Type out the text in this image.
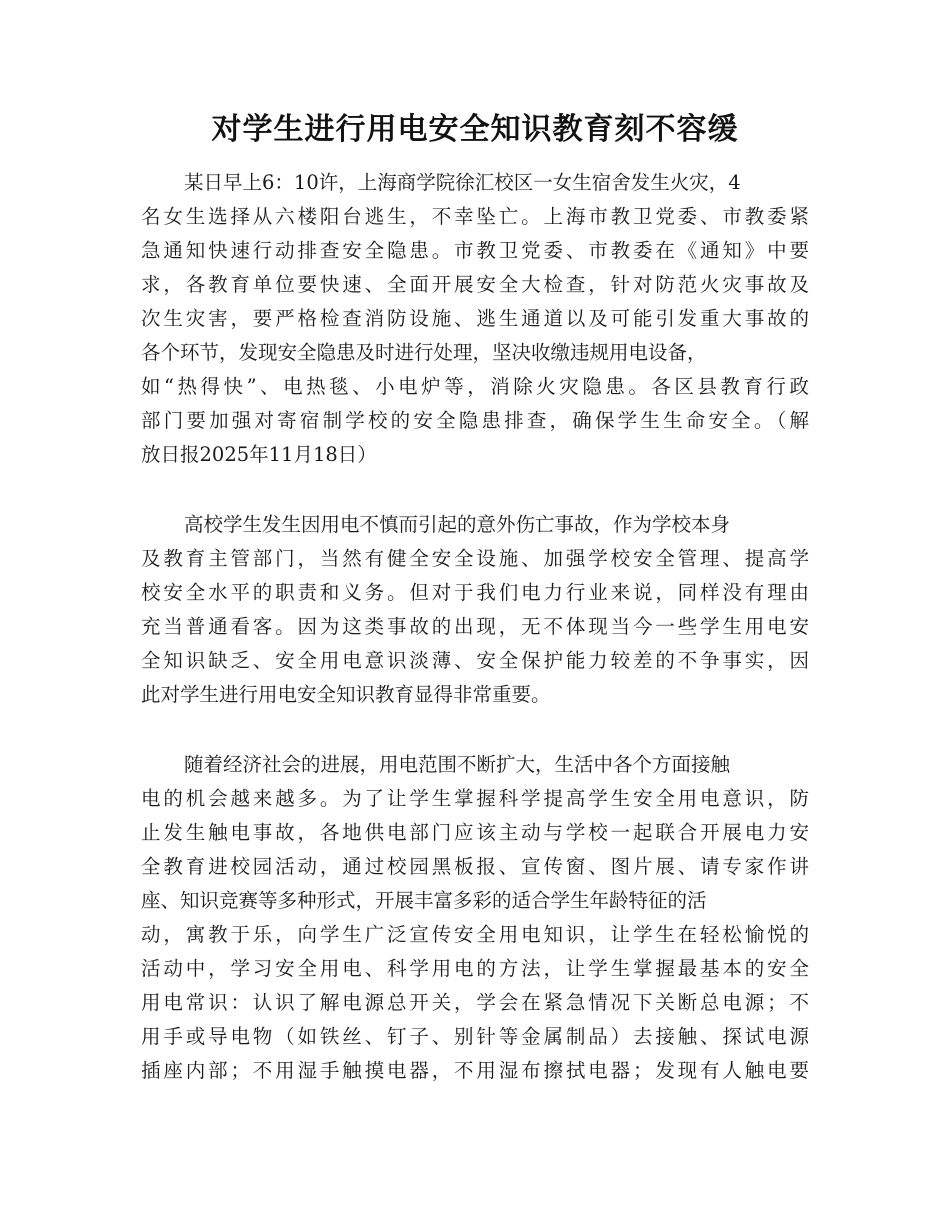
对学生进行用电安全知识教育刻不容缓
某日早上6：10许，上海商学院徐汇校区一女生宿舍发生火灾，4
名女生选择从六楼阳台逃生，不幸坠亡。上海市教卫党委、市教委紧
急通知快速行动排查安全隐患。市教卫党委、市教委在《通知》中要
求，各教育单位要快速、全面开展安全大检查，针对防范火灾事故及
次生灾害，要严格检查消防设施、逃生通道以及可能引发重大事故的
各个环节，发现安全隐患及时进行处理，坚决收缴违规用电设备，
如“热得快”、电热毯、小电炉等，消除火灾隐患。各区县教育行政
部门要加强对寄宿制学校的安全隐患排查，确保学生生命安全。（解
放日报2025年11月18日）
高校学生发生因用电不慎而引起的意外伤亡事故，作为学校本身
及教育主管部门，当然有健全安全设施、加强学校安全管理、提高学
校安全水平的职责和义务。但对于我们电力行业来说，同样没有理由
充当普通看客。因为这类事故的出现，无不体现当今一些学生用电安
全知识缺乏、安全用电意识淡薄、安全保护能力较差的不争事实，因
此对学生进行用电安全知识教育显得非常重要。
随着经济社会的进展，用电范围不断扩大，生活中各个方面接触
电的机会越来越多。为了让学生掌握科学提高学生安全用电意识，防
止发生触电事故，各地供电部门应该主动与学校一起联合开展电力安
全教育进校园活动，通过校园黑板报、宣传窗、图片展、请专家作讲
座、知识竞赛等多种形式，开展丰富多彩的适合学生年龄特征的活
动，寓教于乐，向学生广泛宣传安全用电知识，让学生在轻松愉悦的
活动中，学习安全用电、科学用电的方法，让学生掌握最基本的安全
用电常识：认识了解电源总开关，学会在紧急情况下关断总电源；不
用手或导电物（如铁丝、钉子、别针等金属制品）去接触、探试电源
插座内部；不用湿手触摸电器，不用湿布擦拭电器；发现有人触电要
